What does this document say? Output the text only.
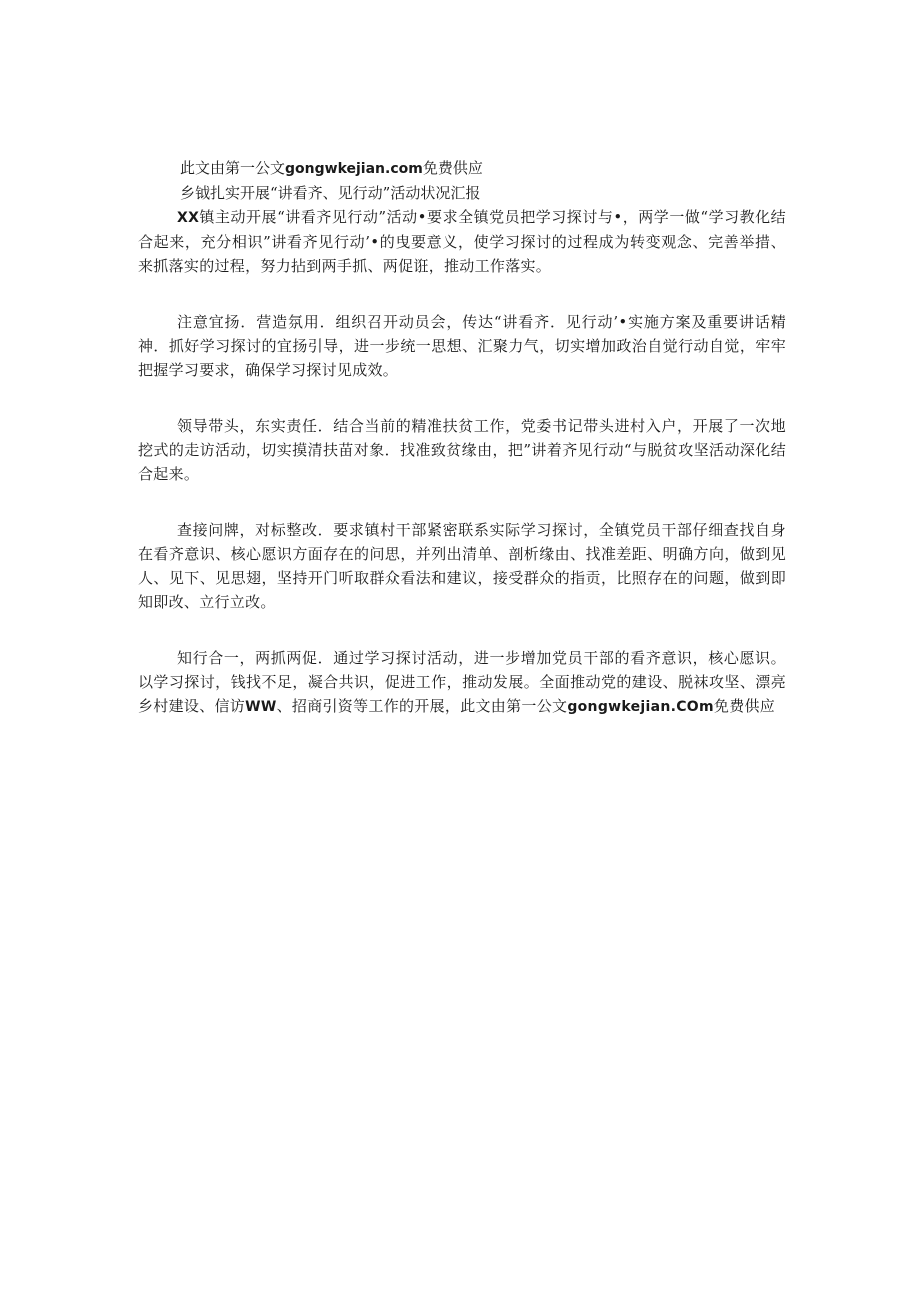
此文由第一公文gongwkejian.com免费供应
乡钺扎实开展“讲看齐、见行动”活动状况汇报

XX镇主动开展“讲看齐见行动”活动•要求全镇党员把学习探讨与•，两学一做“学习教化结合起来，充分相识”讲看齐见行动’•的曳要意义，使学习探讨的过程成为转变观念、完善举措、来抓落实的过程，努力拈到两手抓、两促诳，推动工作落实。

注意宜扬．营造氛用．组织召开动员会，传达“讲看齐．见行动’•实施方案及重要讲话精神．抓好学习探讨的宜扬引导，进一步统一思想、汇聚力气，切实增加政治自觉行动自觉，牢牢把握学习要求，确保学习探讨见成效。

领导带头，东实责任．结合当前的精准扶贫工作，党委书记带头进村入户，开展了一次地挖式的走访活动，切实摸清扶苗对象．找准致贫缘由，把”讲着齐见行动“与脱贫攻坚活动深化结合起来。

查接问牌，对标整改．要求镇村干部紧密联系实际学习探讨，全镇党员干部仔细查找自身在看齐意识、核心愿识方面存在的问思，并列出清单、剖析缘由、找准差距、明确方向，做到见人、见下、见思翅，坚持开门听取群众看法和建议，接受群众的指贡，比照存在的问题，做到即知即改、立行立改。

知行合一，两抓两促．通过学习探讨活动，进一步增加党员干部的看齐意识，核心愿识。以学习探讨，钱找不足，凝合共识，促进工作，推动发展。全面推动党的建设、脱袜攻坚、漂亮乡村建设、信访WW、招商引资等工作的开展，此文由第一公文gongwkejian.COm免费供应
